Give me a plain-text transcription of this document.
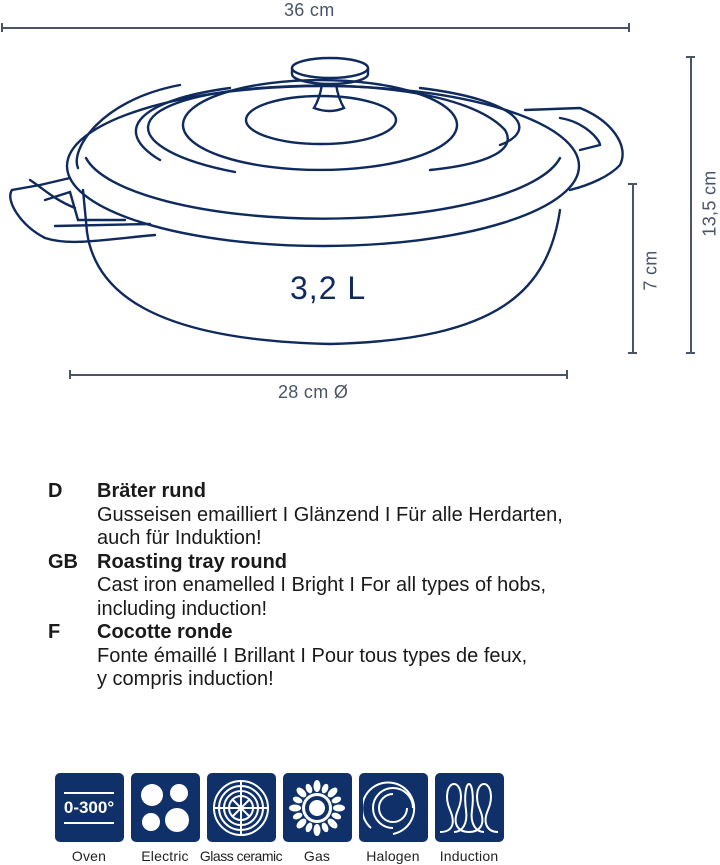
36 cm
13,5 cm
7 cm
3,2 L
28 cm Ø
D	Bräter rund
Gusseisen emailliert I Glänzend I Für alle Herdarten,
auch für Induktion!
GB Roasting tray round
Cast iron enamelled I Bright I For all types of hobs,
including induction!
F	Cocotte ronde
Fonte émaillé I Brillant I Pour tous types de feux,
y compris induction!
0-300°
Oven	Electric Glass ceramic Gas	Halogen Induction
